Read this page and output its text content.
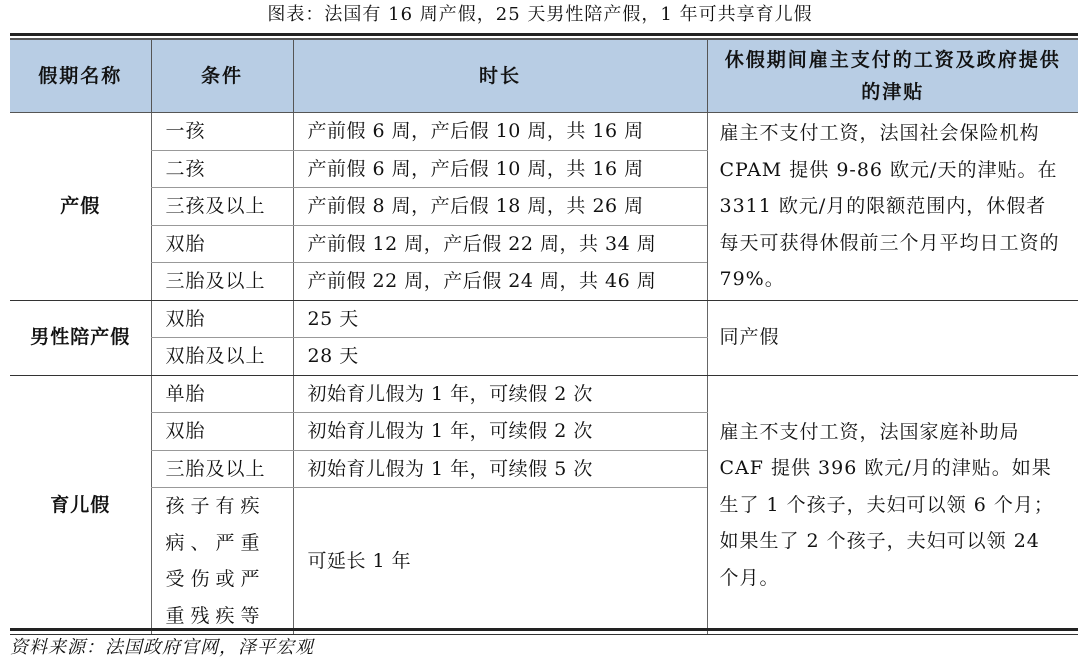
图表：法国有 16 周产假，25 天男性陪产假，1 年可共享育儿假
假期名称	条件	时长	休假期间雇主支付的工资及政府提供的津贴
产假	一孩	产前假 6 周，产后假 10 周，共 16 周	雇主不支付工资，法国社会保险机构 CPAM 提供 9-86 欧元/天的津贴。在 3311 欧元/月的限额范围内，休假者每天可获得休假前三个月平均日工资的 79%。
	二孩	产前假 6 周，产后假 10 周，共 16 周	
	三孩及以上	产前假 8 周，产后假 18 周，共 26 周	
	双胎	产前假 12 周，产后假 22 周，共 34 周	
	三胎及以上	产前假 22 周，产后假 24 周，共 46 周	
男性陪产假	双胎	25 天	同产假
	双胎及以上	28 天	
育儿假	单胎	初始育儿假为 1 年，可续假 2 次	雇主不支付工资，法国家庭补助局 CAF 提供 396 欧元/月的津贴。如果生了 1 个孩子，夫妇可以领 6 个月；如果生了 2 个孩子，夫妇可以领 24 个月。
	双胎	初始育儿假为 1 年，可续假 2 次	
	三胎及以上	初始育儿假为 1 年，可续假 5 次	
	孩子有疾病、严重受伤或严重残疾等	可延长 1 年	
资料来源：法国政府官网，泽平宏观
